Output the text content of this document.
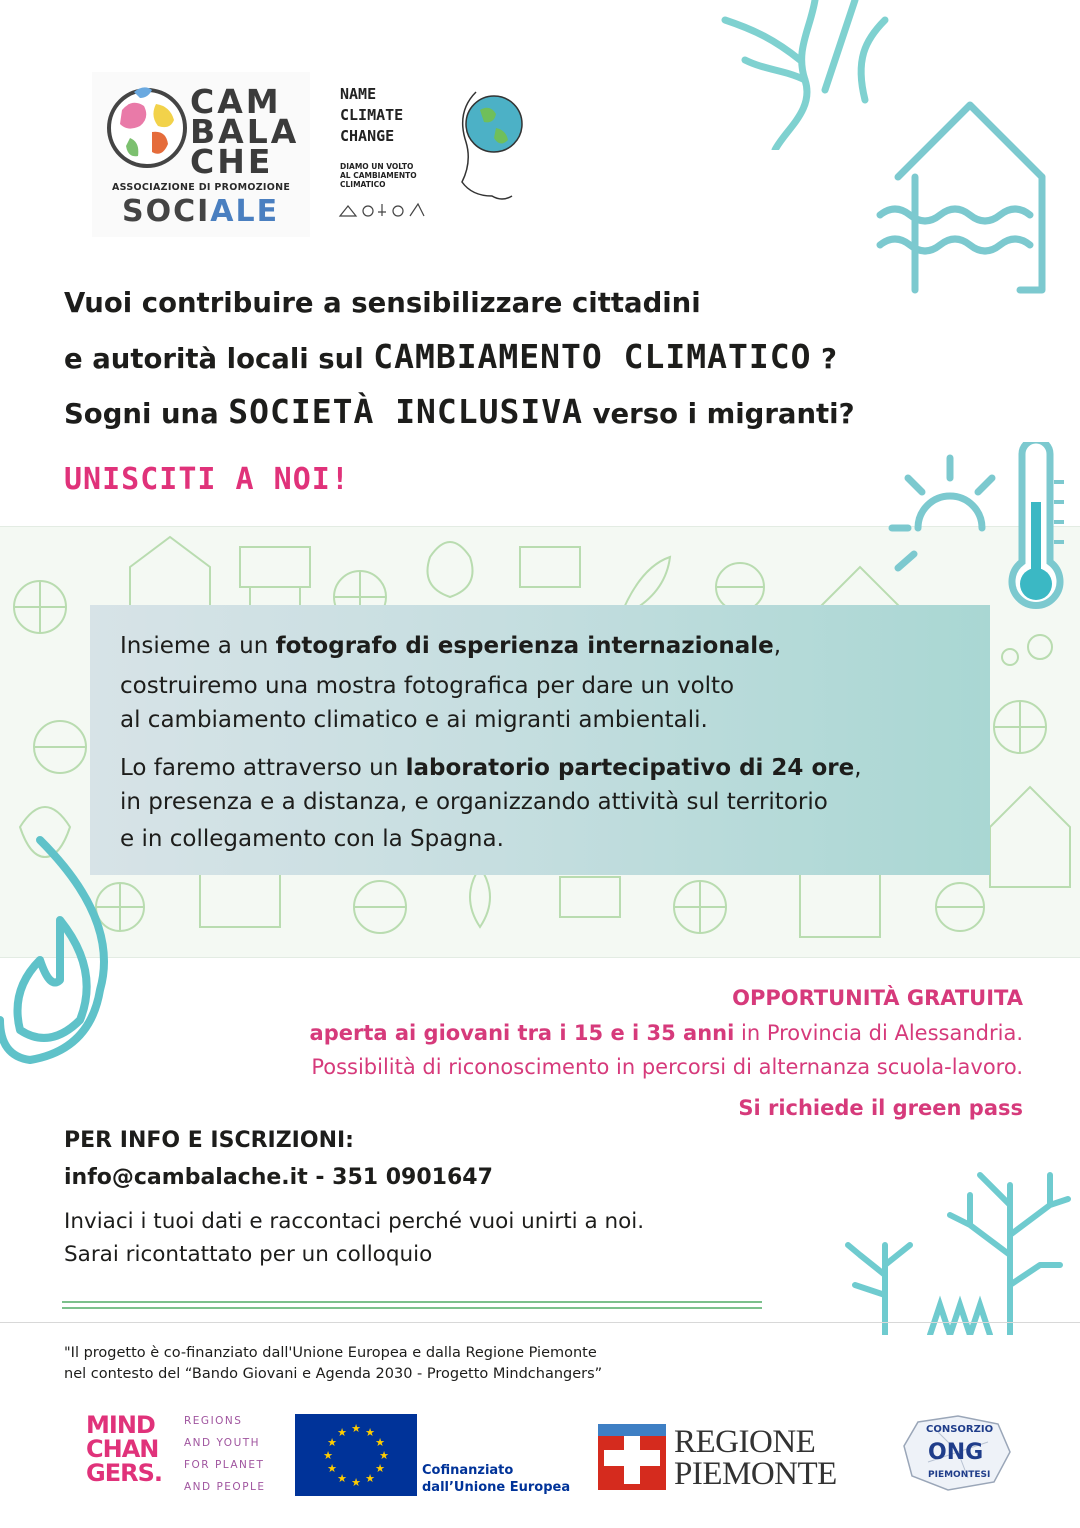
CAM
BALA
CHE
ASSOCIAZIONE DI PROMOZIONE
SOCIALE
NAME
CLIMATE
CHANGE
DIAMO UN VOLTO
AL CAMBIAMENTO
CLIMATICO
Vuoi contribuire a sensibilizzare cittadini
e autorità locali sul CAMBIAMENTO CLIMATICO ?
Sogni una SOCIETÀ INCLUSIVA verso i migranti?
UNISCITI A NOI!
Insieme a un fotografo di esperienza internazionale,
costruiremo una mostra fotografica per dare un volto
al cambiamento climatico e ai migranti ambientali.
Lo faremo attraverso un laboratorio partecipativo di 24 ore,
in presenza e a distanza, e organizzando attività sul territorio
e in collegamento con la Spagna.
OPPORTUNITÀ GRATUITA
aperta ai giovani tra i 15 e i 35 anni in Provincia di Alessandria.
Possibilità di riconoscimento in percorsi di alternanza scuola-lavoro.
Si richiede il green pass
PER INFO E ISCRIZIONI:
info@cambalache.it - 351 0901647
Inviaci i tuoi dati e raccontaci perché vuoi unirti a noi.
Sarai ricontattato per un colloquio
"Il progetto è co-finanziato dall'Unione Europea e dalla Regione Piemonte
nel contesto del “Bando Giovani e Agenda 2030 - Progetto Mindchangers”
MIND
CHAN
GERS.
REGIONS
AND YOUTH
FOR PLANET
AND PEOPLE
★ ★
★
★
★
★
★
★
★
★
★
★
Cofinanziato
dall’Unione Europea
REGIONE
PIEMONTE
CONSORZIO
ONG
PIEMONTESI
